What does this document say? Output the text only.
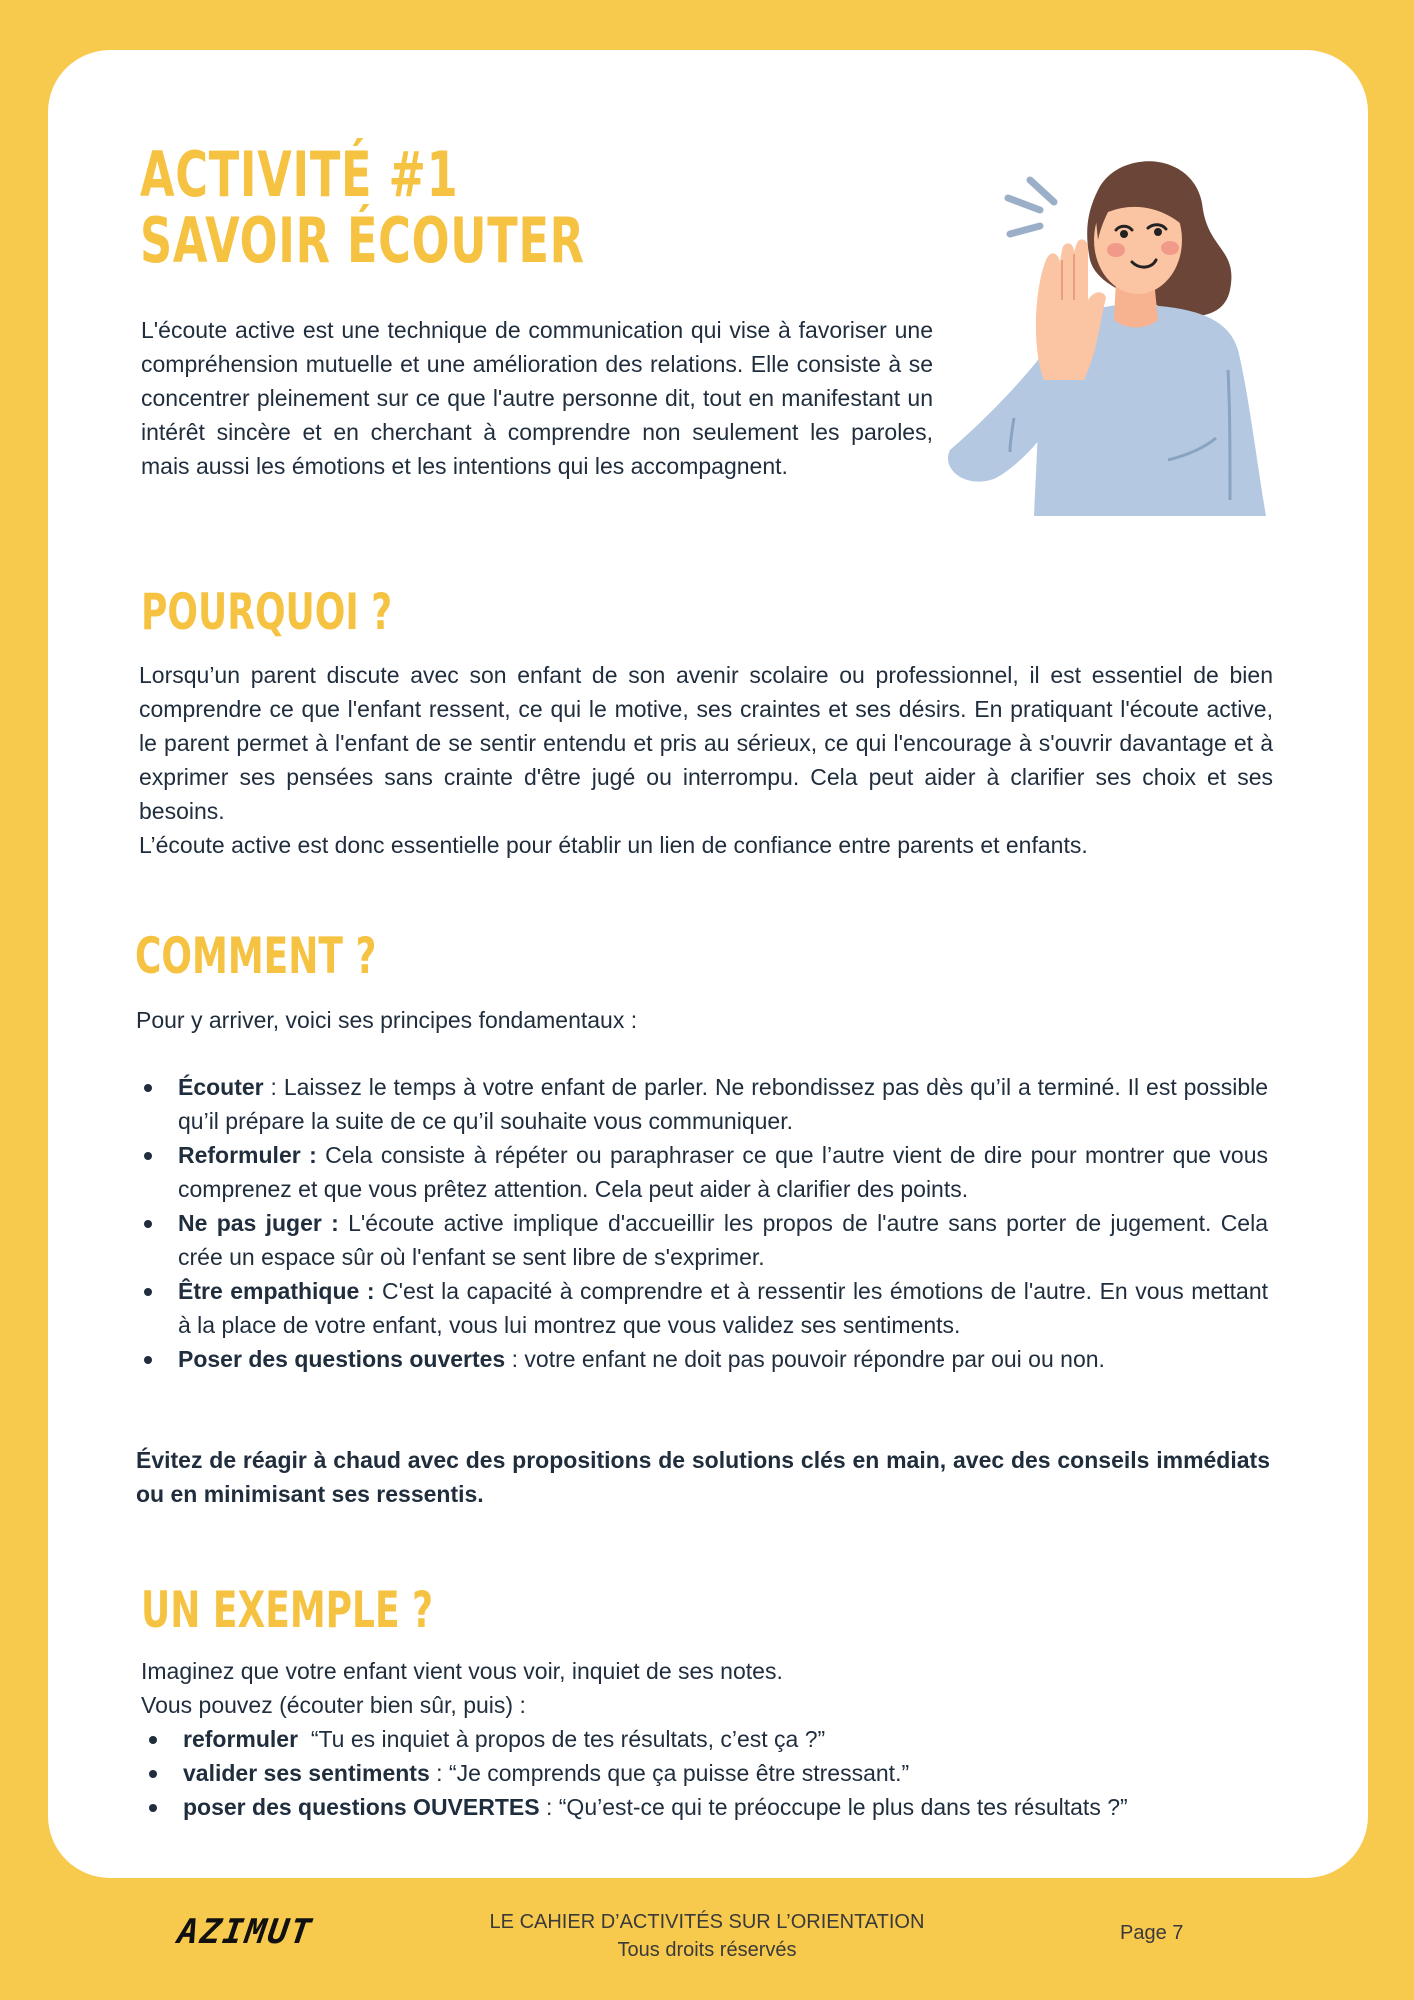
ACTIVITÉ #1
SAVOIR ÉCOUTER

L'écoute active est une technique de communication qui vise à favoriser une compréhension mutuelle et une amélioration des relations. Elle consiste à se concentrer pleinement sur ce que l'autre personne dit, tout en manifestant un intérêt sincère et en cherchant à comprendre non seulement les paroles, mais aussi les émotions et les intentions qui les accompagnent.

POURQUOI ?

Lorsqu’un parent discute avec son enfant de son avenir scolaire ou professionnel, il est essentiel de bien comprendre ce que l'enfant ressent, ce qui le motive, ses craintes et ses désirs. En pratiquant l'écoute active, le parent permet à l'enfant de se sentir entendu et pris au sérieux, ce qui l'encourage à s'ouvrir davantage et à exprimer ses pensées sans crainte d'être jugé ou interrompu. Cela peut aider à clarifier ses choix et ses besoins.

L’écoute active est donc essentielle pour établir un lien de confiance entre parents et enfants.

COMMENT ?
Pour y arriver, voici ses principes fondamentaux :
Écouter : Laissez le temps à votre enfant de parler. Ne rebondissez pas dès qu’il a terminé. Il est possible qu’il prépare la suite de ce qu’il souhaite vous communiquer.
Reformuler : Cela consiste à répéter ou paraphraser ce que l’autre vient de dire pour montrer que vous comprenez et que vous prêtez attention. Cela peut aider à clarifier des points.
Ne pas juger : L'écoute active implique d'accueillir les propos de l'autre sans porter de jugement. Cela crée un espace sûr où l'enfant se sent libre de s'exprimer.
Être empathique : C'est la capacité à comprendre et à ressentir les émotions de l'autre. En vous mettant à la place de votre enfant, vous lui montrez que vous validez ses sentiments.
Poser des questions ouvertes : votre enfant ne doit pas pouvoir répondre par oui ou non.
Évitez de réagir à chaud avec des propositions de solutions clés en main, avec des conseils immédiats ou en minimisant ses ressentis.
UN EXEMPLE ?

Imaginez que votre enfant vient vous voir, inquiet de ses notes.

Vous pouvez (écouter bien sûr, puis) :

reformuler “Tu es inquiet à propos de tes résultats, c’est ça ?”
valider ses sentiments : “Je comprends que ça puisse être stressant.”
poser des questions OUVERTES : “Qu’est-ce qui te préoccupe le plus dans tes résultats ?”
AZIMUT	LE CAHIER D’ACTIVITÉS SUR L’ORIENTATION
Tous droits réservés
Page 7
